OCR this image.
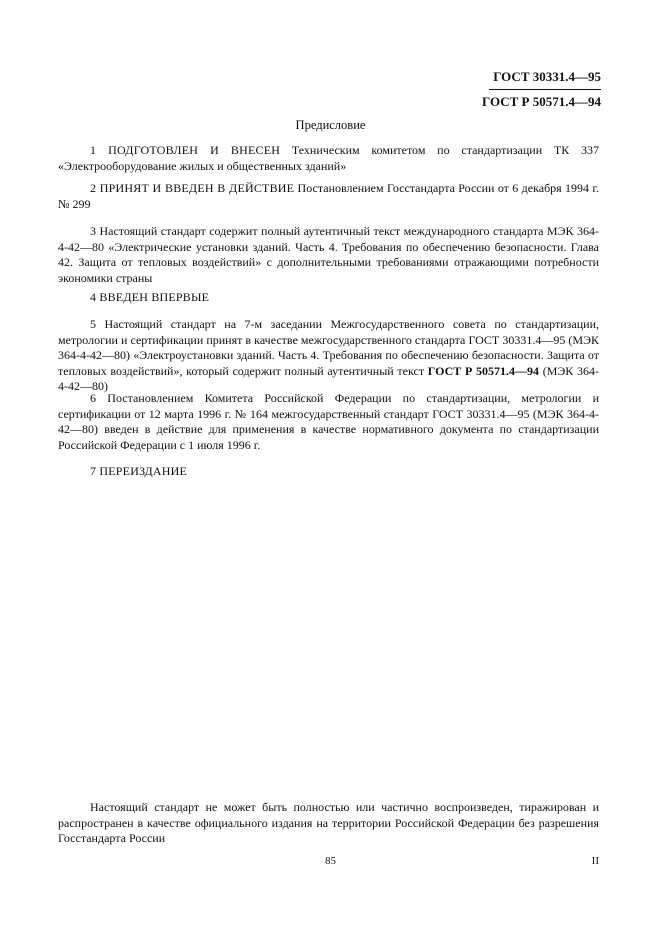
ГОСТ 30331.4—95
ГОСТ Р 50571.4—94
Предисловие

1 ПОДГОТОВЛЕН И ВНЕСЕН Техническим комитетом по стандартизации ТК 337 «Электрооборудование жилых и общественных зданий»

2 ПРИНЯТ И ВВЕДЕН В ДЕЙСТВИЕ Постановлением Госстандарта России от 6 декабря 1994 г. № 299

3 Настоящий стандарт содержит полный аутентичный текст международного стандарта МЭК 364-4-42—80 «Электрические установки зданий. Часть 4. Требования по обеспечению безопасности. Глава 42. Защита от тепловых воздействий» с дополнительными требованиями отражающими потребности экономики страны

4 ВВЕДЕН ВПЕРВЫЕ

5 Настоящий стандарт на 7-м заседании Межгосударственного совета по стандартизации, метрологии и сертификации принят в качестве межгосударственного стандарта ГОСТ 30331.4—95 (МЭК 364-4-42—80) «Электроустановки зданий. Часть 4. Требования по обеспечению безопасности. Защита от тепловых воздействий», который содержит полный аутентичный текст ГОСТ Р 50571.4—94 (МЭК 364-4-42—80)

6 Постановлением Комитета Российской Федерации по стандартизации, метрологии и сертификации от 12 марта 1996 г. № 164 межгосударственный стандарт ГОСТ 30331.4—95 (МЭК 364-4-42—80) введен в действие для применения в качестве нормативного документа по стандартизации Российской Федерации с 1 июля 1996 г.

7 ПЕРЕИЗДАНИЕ

Настоящий стандарт не может быть полностью или частично воспроизведен, тиражирован и распространен в качестве официального издания на территории Российской Федерации без разрешения Госстандарта России

85	II
